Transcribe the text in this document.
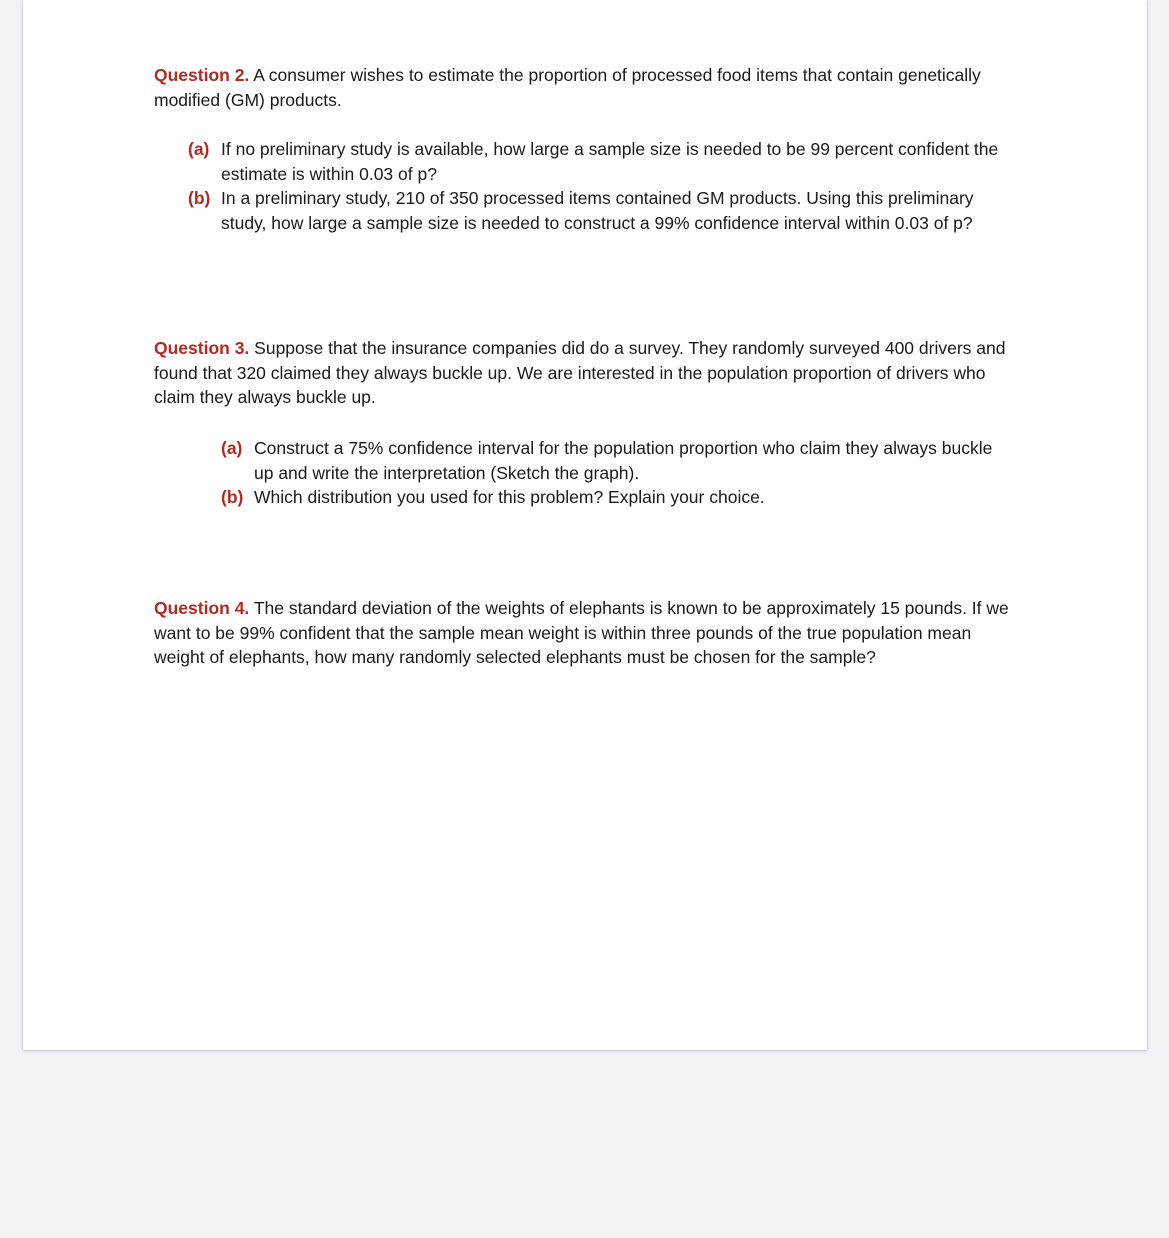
Question 2. A consumer wishes to estimate the proportion of processed food items that contain genetically modified (GM) products.
(a) If no preliminary study is available, how large a sample size is needed to be 99 percent confident the estimate is within 0.03 of p?
(b) In a preliminary study, 210 of 350 processed items contained GM products. Using this preliminary study, how large a sample size is needed to construct a 99% confidence interval within 0.03 of p?
Question 3. Suppose that the insurance companies did do a survey. They randomly surveyed 400 drivers and found that 320 claimed they always buckle up. We are interested in the population proportion of drivers who claim they always buckle up.
(a) Construct a 75% confidence interval for the population proportion who claim they always buckle up and write the interpretation (Sketch the graph).
(b) Which distribution you used for this problem? Explain your choice.
Question 4. The standard deviation of the weights of elephants is known to be approximately 15 pounds. If we want to be 99% confident that the sample mean weight is within three pounds of the true population mean weight of elephants, how many randomly selected elephants must be chosen for the sample?
